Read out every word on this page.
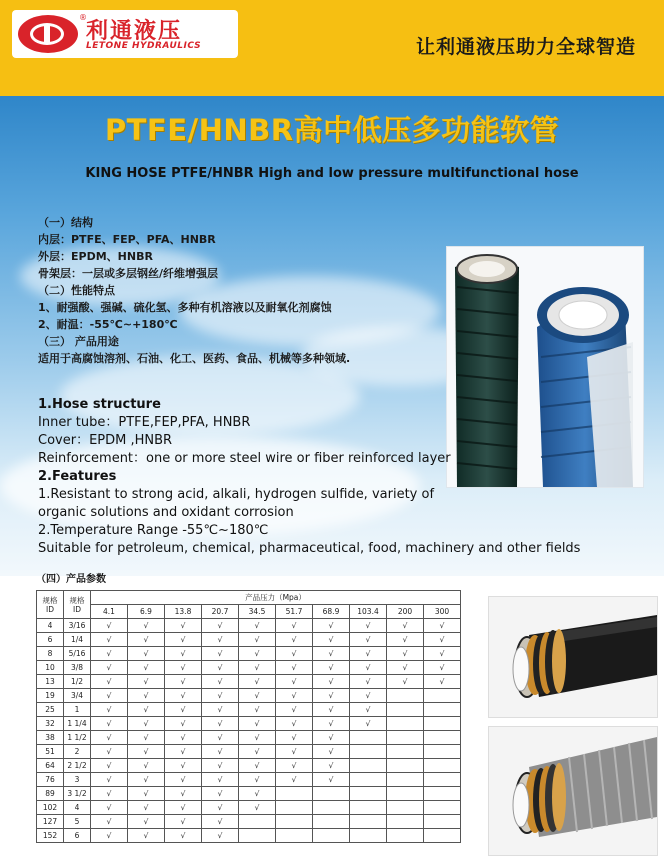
®
利通液压
LETONE HYDRAULICS	让利通液压助力全球智造
PTFE/HNBR高中低压多功能软管
KING HOSE PTFE/HNBR High and low pressure multifunctional hose
（一）结构
内层：PTFE、FEP、PFA、HNBR
外层：EPDM、HNBR
骨架层：一层或多层钢丝/纤维增强层
（二）性能特点
1、耐强酸、强碱、硫化氢、多种有机溶液以及耐氧化剂腐蚀
2、耐温：-55℃~+180℃
（三） 产品用途
适用于高腐蚀溶剂、石油、化工、医药、食品、机械等多种领域.
1.Hose structure
Inner tube：PTFE,FEP,PFA, HNBR
Cover：EPDM ,HNBR
Reinforcement：one or more steel wire or fiber reinforced layer
2.Features
1.Resistant to strong acid, alkali, hydrogen sulfide, variety of
organic solutions and oxidant corrosion
2.Temperature Range -55℃~180℃
Suitable for petroleum, chemical, pharmaceutical, food, machinery and other fields
（四）产品参数
规格
ID	规格
ID	产品压力（Mpa）									
		4.1	6.9	13.8	20.7	34.5	51.7	68.9	103.4	200	300
4	3/16	√	√	√	√	√	√	√	√	√	√
6	1/4	√	√	√	√	√	√	√	√	√	√
8	5/16	√	√	√	√	√	√	√	√	√	√
10	3/8	√	√	√	√	√	√	√	√	√	√
13	1/2	√	√	√	√	√	√	√	√	√	√
19	3/4	√	√	√	√	√	√	√	√		
25	1	√	√	√	√	√	√	√	√		
32	1 1/4	√	√	√	√	√	√	√	√		
38	1 1/2	√	√	√	√	√	√	√			
51	2	√	√	√	√	√	√	√			
64	2 1/2	√	√	√	√	√	√	√			
76	3	√	√	√	√	√	√	√			
89	3 1/2	√	√	√	√	√					
102	4	√	√	√	√	√					
127	5	√	√	√	√						
152	6	√	√	√	√						
